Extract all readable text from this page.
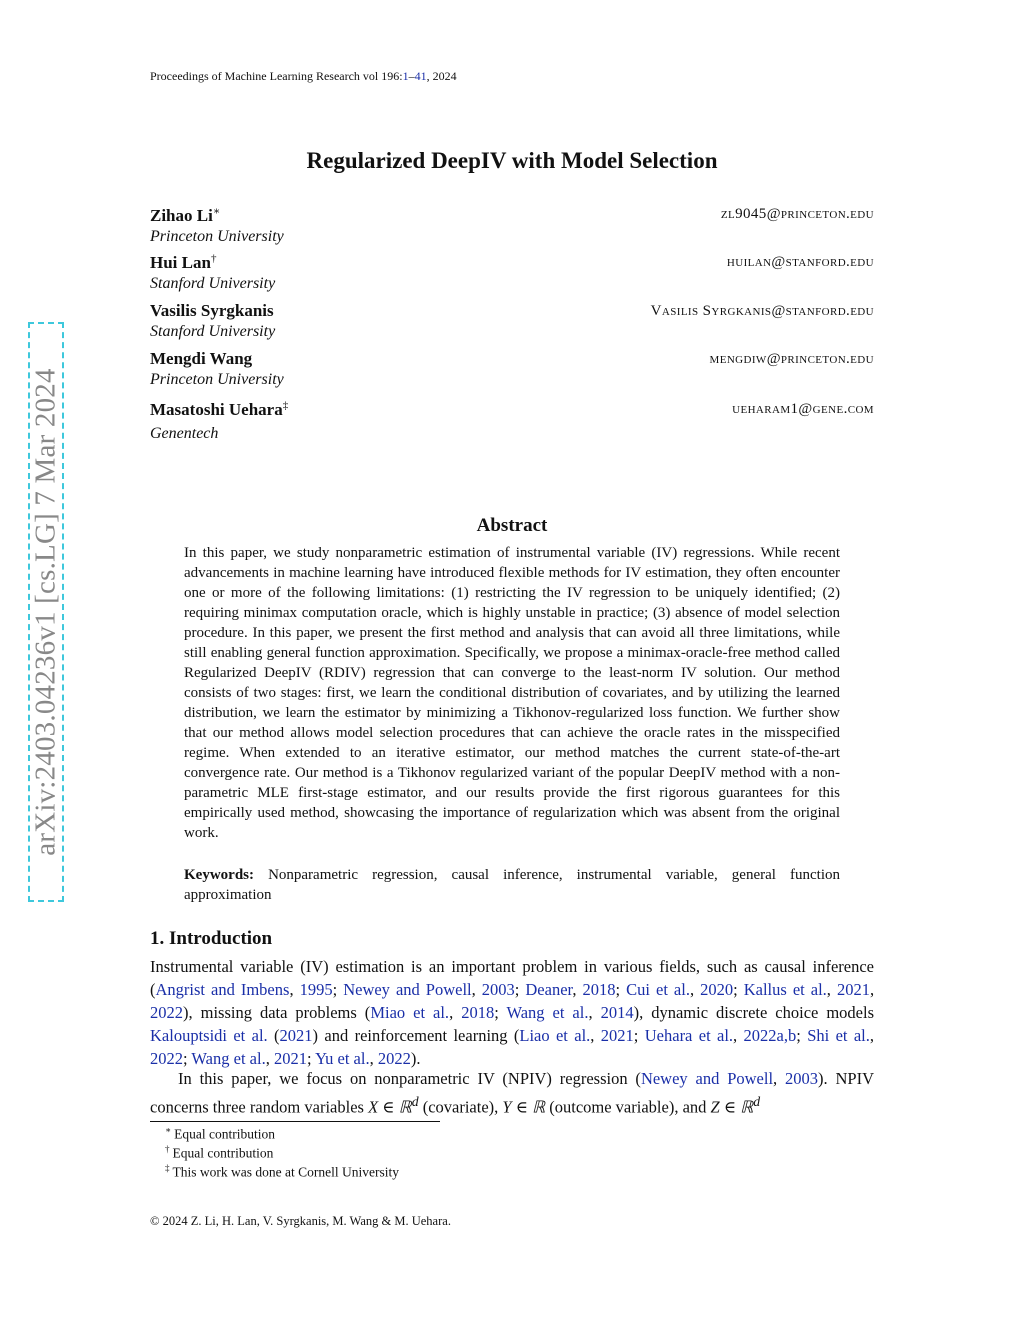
Proceedings of Machine Learning Research vol 196:1–41, 2024
arXiv:2403.04236v1 [cs.LG] 7 Mar 2024
Regularized DeepIV with Model Selection
zl9045@princeton.edu
Zihao Li∗
Princeton University
huilan@stanford.edu
Hui Lan†
Stanford University
Vasilis Syrgkanis@stanford.edu
Vasilis Syrgkanis
Stanford University
mengdiw@princeton.edu
Mengdi Wang
Princeton University
ueharam1@gene.com
Masatoshi Uehara‡
Genentech
Abstract
In this paper, we study nonparametric estimation of instrumental variable (IV) regressions. While recent advancements in machine learning have introduced flexible methods for IV estimation, they often encounter one or more of the following limitations: (1) restricting the IV regression to be uniquely identified; (2) requiring minimax computation oracle, which is highly unstable in practice; (3) absence of model selection procedure. In this paper, we present the first method and analysis that can avoid all three limitations, while still enabling general function approximation. Specifically, we propose a minimax-oracle-free method called Regularized DeepIV (RDIV) regression that can converge to the least-norm IV solution. Our method consists of two stages: first, we learn the conditional distribution of covariates, and by utilizing the learned distribution, we learn the estimator by minimizing a Tikhonov-regularized loss function. We further show that our method allows model selection procedures that can achieve the oracle rates in the misspecified regime. When extended to an iterative estimator, our method matches the current state-of-the-art convergence rate. Our method is a Tikhonov regularized variant of the popular DeepIV method with a non-parametric MLE first-stage estimator, and our results provide the first rigorous guarantees for this empirically used method, showcasing the importance of regularization which was absent from the original work.
Keywords: Nonparametric regression, causal inference, instrumental variable, general function approximation
1. Introduction
Instrumental variable (IV) estimation is an important problem in various fields, such as causal inference (Angrist and Imbens, 1995; Newey and Powell, 2003; Deaner, 2018; Cui et al., 2020; Kallus et al., 2021, 2022), missing data problems (Miao et al., 2018; Wang et al., 2014), dynamic discrete choice models Kalouptsidi et al. (2021) and reinforcement learning (Liao et al., 2021; Uehara et al., 2022a,b; Shi et al., 2022; Wang et al., 2021; Yu et al., 2022).
In this paper, we focus on nonparametric IV (NPIV) regression (Newey and Powell, 2003). NPIV concerns three random variables X ∈ ℝ$^d$ (covariate), Y ∈ ℝ (outcome variable), and Z ∈ ℝ$^d$
∗ Equal contribution
† Equal contribution
‡ This work was done at Cornell University
© 2024 Z. Li, H. Lan, V. Syrgkanis, M. Wang & M. Uehara.
